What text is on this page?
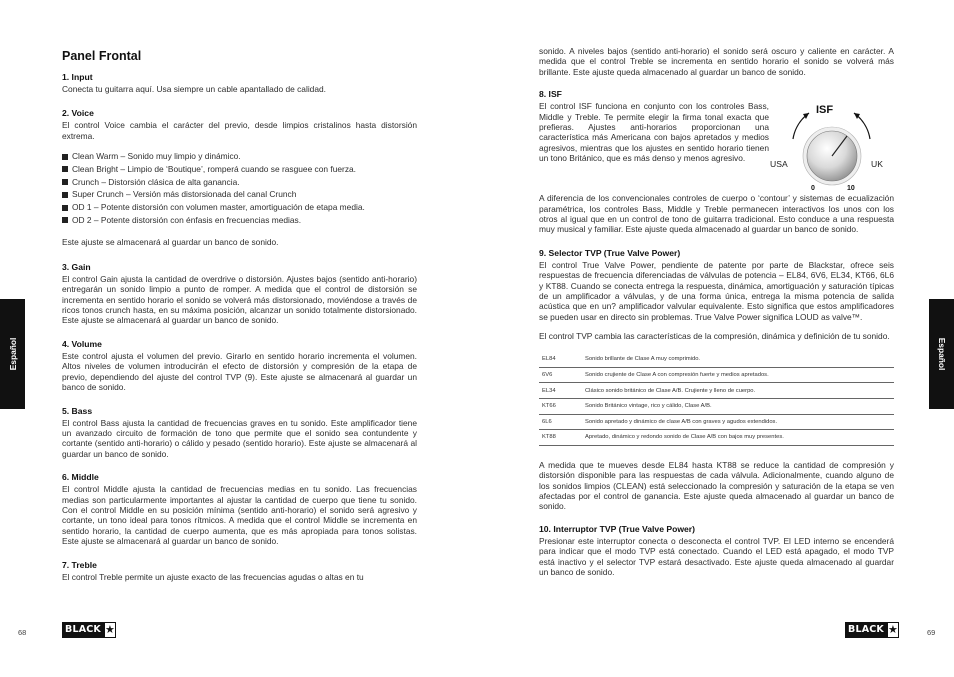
Panel Frontal
1. Input

Conecta tu guitarra aquí. Usa siempre un cable apantallado de calidad.

2. Voice

El control Voice cambia el carácter del previo, desde limpios cristalinos hasta distorsión extrema.

Clean Warm – Sonido muy limpio y dinámico.
Clean Bright – Limpio de ‘Boutique’, romperá cuando se rasguee con fuerza.
Crunch – Distorsión clásica de alta ganancia.
Super Crunch – Versión más distorsionada del canal Crunch
OD 1 – Potente distorsión con volumen master, amortiguación de etapa media.
OD 2 – Potente distorsión con énfasis en frecuencias medias.

Este ajuste se almacenará al guardar un banco de sonido.

3. Gain

El control Gain ajusta la cantidad de overdrive o distorsión. Ajustes bajos (sentido anti-horario) entregarán un sonido limpio a punto de romper. A medida que el control de distorsión se incrementa en sentido horario el sonido se volverá más distorsionado, moviéndose a través de ricos tonos crunch hasta, en su máxima posición, alcanzar un sonido totalmente distorsionado. Este ajuste se almacenará al guardar un banco de sonido.

4. Volume

Este control ajusta el volumen del previo. Girarlo en sentido horario incrementa el volumen. Altos niveles de volumen introducirán el efecto de distorsión y compresión de la etapa de previo, dependiendo del ajuste del control TVP (9). Este ajuste se almacenará al guardar un banco de sonido.

5. Bass

El control Bass ajusta la cantidad de frecuencias graves en tu sonido. Este amplificador tiene un avanzado circuito de formación de tono que permite que el sonido sea contundente y cortante (sentido anti-horario) o cálido y pesado (sentido horario). Este ajuste se almacenará al guardar un banco de sonido.

6. Middle

El control Middle ajusta la cantidad de frecuencias medias en tu sonido. Las frecuencias medias son particularmente importantes al ajustar la cantidad de cuerpo que tiene tu sonido. Con el control Middle en su posición mínima (sentido anti-horario) el sonido será agresivo y cortante, un tono ideal para tonos rítmicos. A medida que el control Middle se incrementa en sentido horario, la cantidad de cuerpo aumenta, que es más apropiada para tonos solistas. Este ajuste se almacenará al guardar un banco de sonido.

7. Treble

El control Treble permite un ajuste exacto de las frecuencias agudas o altas en tu

Español
68	BLACK ★

sonido. A niveles bajos (sentido anti-horario) el sonido será oscuro y caliente en carácter. A medida que el control Treble se incrementa en sentido horario el sonido se volverá más brillante. Este ajuste queda almacenado al guardar un banco de sonido.

8. ISF

El control ISF funciona en conjunto con los controles Bass, Middle y Treble. Te permite elegir la firma tonal exacta que prefieras. Ajustes anti-horarios proporcionan una característica más Americana con bajos apretados y medios agresivos, mientras que los ajustes en sentido horario tienen un tono Británico, que es más denso y menos agresivo.

ISF
USA	UK
0	10

A diferencia de los convencionales controles de cuerpo o ‘contour’ y sistemas de ecualización paramétrica, los controles Bass, Middle y Treble permanecen interactivos los unos con los otros al igual que en un control de tono de guitarra tradicional. Esto conduce a una respuesta muy musical y familiar. Este ajuste queda almacenado al guardar un banco de sonido.

9. Selector TVP (True Valve Power)

El control True Valve Power, pendiente de patente por parte de Blackstar, ofrece seis respuestas de frecuencia diferenciadas de válvulas de potencia – EL84, 6V6, EL34, KT66, 6L6 y KT88. Cuando se conecta entrega la respuesta, dinámica, amortiguación y saturación típicas de un amplificador a válvulas, y de una forma única, entrega la misma potencia de salida acústica que en un? amplificador valvular equivalente. Esto significa que estos amplificadores se pueden usar en directo sin problemas. True Valve Power significa LOUD as valve™.

El control TVP cambia las características de la compresión, dinámica y definición de tu sonido.

EL84	Sonido brillante de Clase A muy comprimido.
6V6	Sonido crujiente de Clase A con compresión fuerte y medios apretados.
EL34	Clásico sonido británico de Clase A/B. Crujiente y lleno de cuerpo.
KT66	Sonido Británico vintage, rico y cálido, Clase A/B.
6L6	Sonido apretado y dinámico de clase A/B con graves y agudos extendidos.
KT88	Apretado, dinámico y redondo sonido de Clase A/B con bajos muy presentes.

A medida que te mueves desde EL84 hasta KT88 se reduce la cantidad de compresión y distorsión disponible para las respuestas de cada válvula. Adicionalmente, cuando alguno de los sonidos limpios (CLEAN) está seleccionado la compresión y saturación de la etapa se ven afectadas por el control de ganancia. Este ajuste queda almacenado al guardar un banco de sonido.

10. Interruptor TVP (True Valve Power)

Presionar este interruptor conecta o desconecta el control TVP. El LED interno se encenderá para indicar que el modo TVP está conectado. Cuando el LED está apagado, el modo TVP está inactivo y el selector TVP estará desactivado. Este ajuste queda almacenado al guardar un banco de sonido.

Español
69
BLACK ★
